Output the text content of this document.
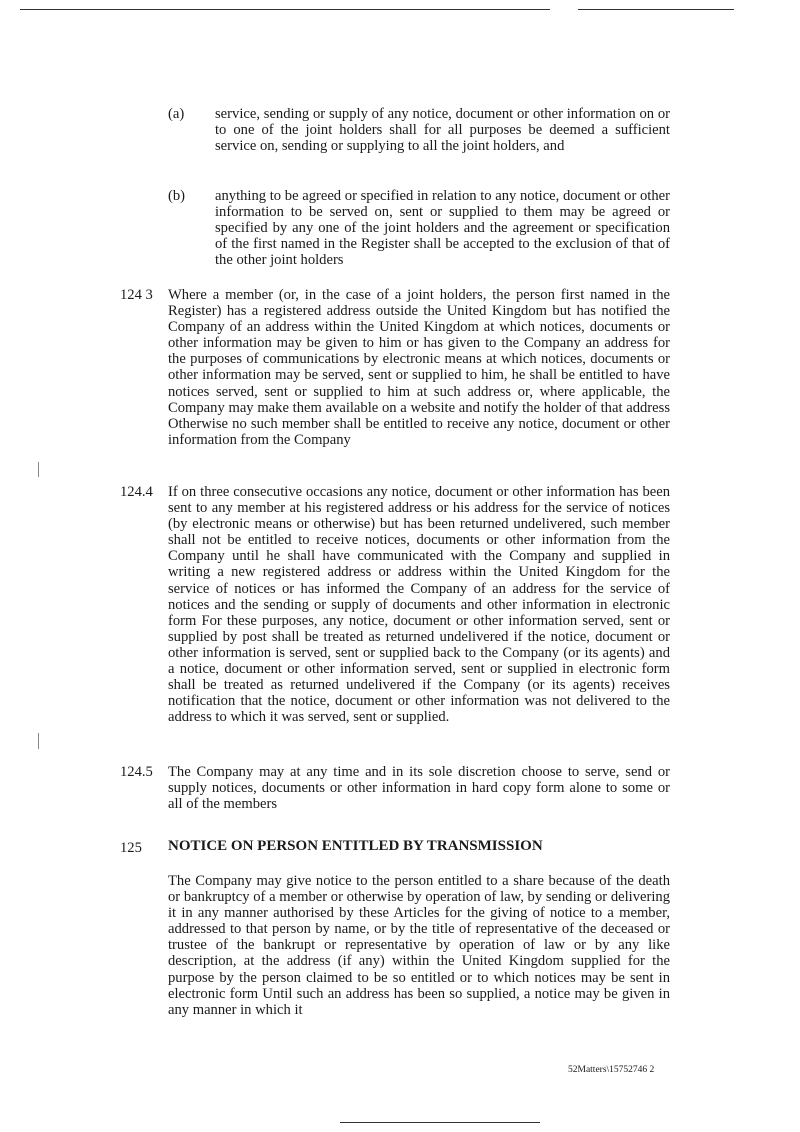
(a) service, sending or supply of any notice, document or other information on or to one of the joint holders shall for all purposes be deemed a sufficient service on, sending or supplying to all the joint holders, and

(b) anything to be agreed or specified in relation to any notice, document or other information to be served on, sent or supplied to them may be agreed or specified by any one of the joint holders and the agreement or specification of the first named in the Register shall be accepted to the exclusion of that of the other joint holders

124 3 Where a member (or, in the case of a joint holders, the person first named in the Register) has a registered address outside the United Kingdom but has notified the Company of an address within the United Kingdom at which notices, documents or other information may be given to him or has given to the Company an address for the purposes of communications by electronic means at which notices, documents or other information may be served, sent or supplied to him, he shall be entitled to have notices served, sent or supplied to him at such address or, where applicable, the Company may make them available on a website and notify the holder of that address Otherwise no such member shall be entitled to receive any notice, document or other information from the Company

124.4 If on three consecutive occasions any notice, document or other information has been sent to any member at his registered address or his address for the service of notices (by electronic means or otherwise) but has been returned undelivered, such member shall not be entitled to receive notices, documents or other information from the Company until he shall have communicated with the Company and supplied in writing a new registered address or address within the United Kingdom for the service of notices or has informed the Company of an address for the service of notices and the sending or supply of documents and other information in electronic form For these purposes, any notice, document or other information served, sent or supplied by post shall be treated as returned undelivered if the notice, document or other information is served, sent or supplied back to the Company (or its agents) and a notice, document or other information served, sent or supplied in electronic form shall be treated as returned undelivered if the Company (or its agents) receives notification that the notice, document or other information was not delivered to the address to which it was served, sent or supplied.

124.5 The Company may at any time and in its sole discretion choose to serve, send or supply notices, documents or other information in hard copy form alone to some or all of the members

125 NOTICE ON PERSON ENTITLED BY TRANSMISSION

The Company may give notice to the person entitled to a share because of the death or bankruptcy of a member or otherwise by operation of law, by sending or delivering it in any manner authorised by these Articles for the giving of notice to a member, addressed to that person by name, or by the title of representative of the deceased or trustee of the bankrupt or representative by operation of law or by any like description, at the address (if any) within the United Kingdom supplied for the purpose by the person claimed to be so entitled or to which notices may be sent in electronic form Until such an address has been so supplied, a notice may be given in any manner in which it

52Matters\15752746 2
